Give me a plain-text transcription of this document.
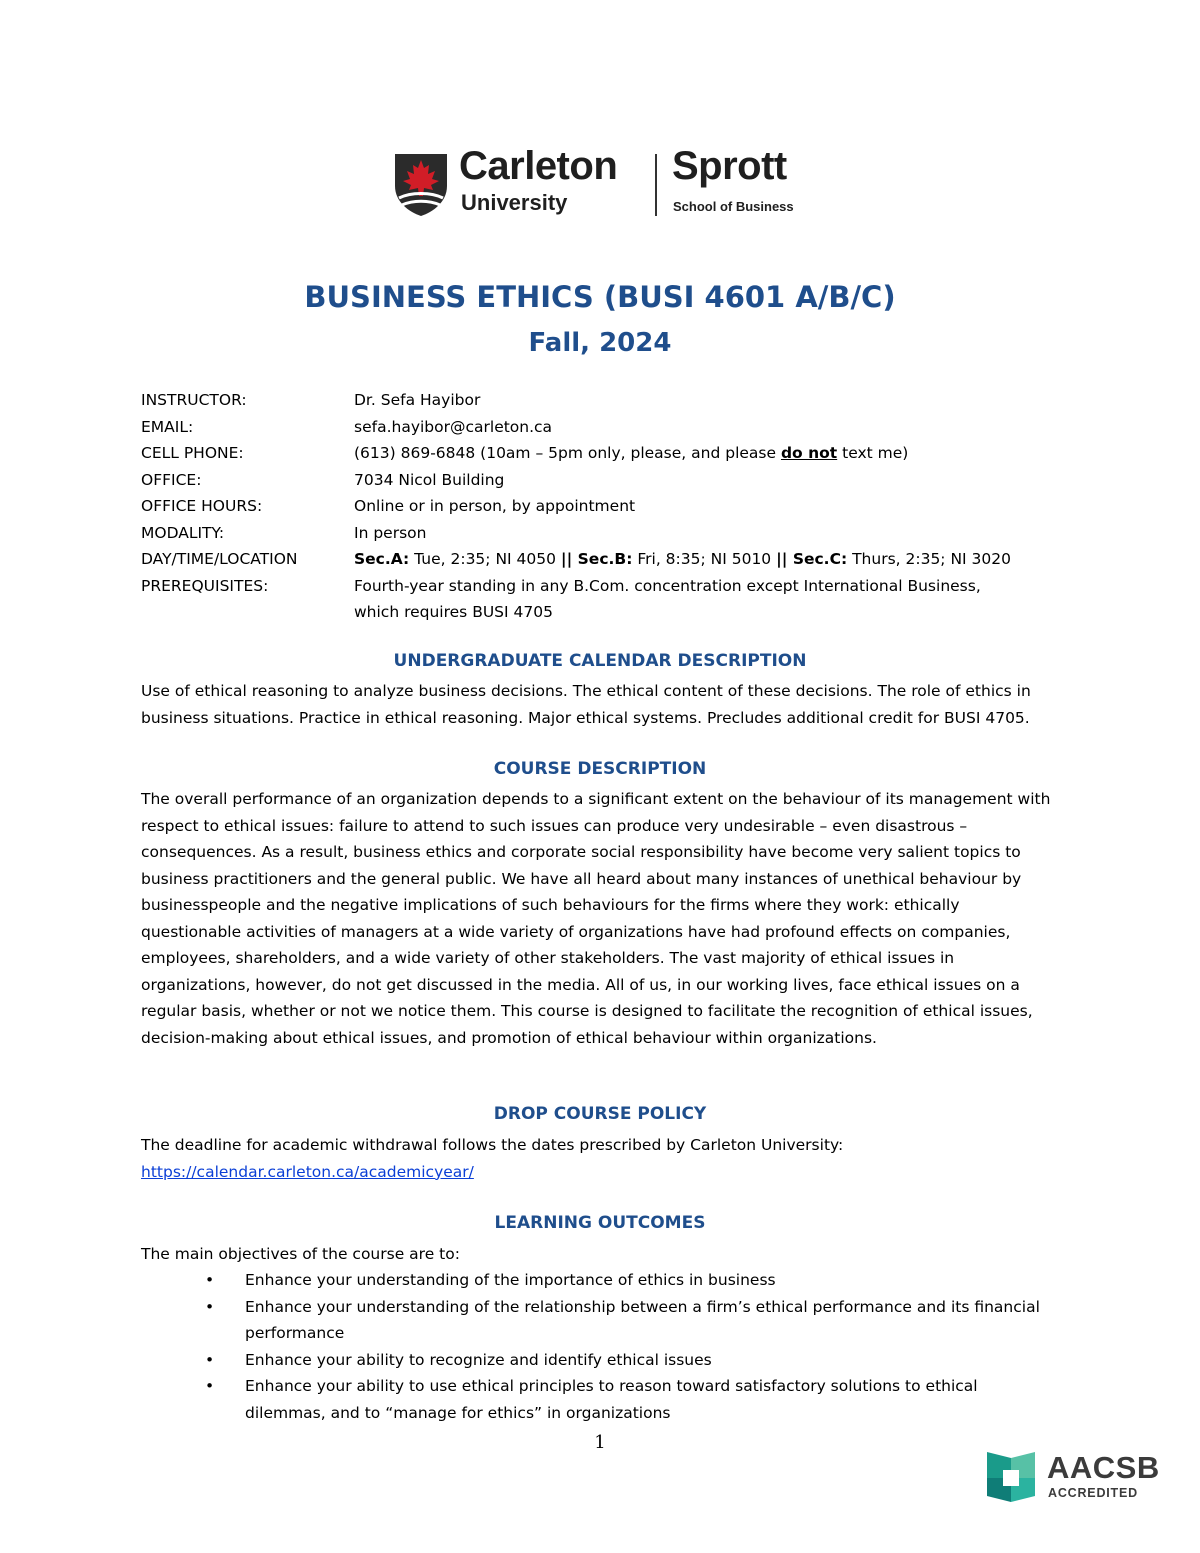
Carleton
University
Sprott
School of Business
BUSINESS ETHICS (BUSI 4601 A/B/C)
Fall, 2024
INSTRUCTOR:	Dr. Sefa Hayibor
EMAIL:	sefa.hayibor@carleton.ca
CELL PHONE:	(613) 869-6848 (10am – 5pm only, please, and please do not text me)
OFFICE:	7034 Nicol Building
OFFICE HOURS:	Online or in person, by appointment
MODALITY:	In person
DAY/TIME/LOCATION	Sec.A: Tue, 2:35; NI 4050 || Sec.B: Fri, 8:35; NI 5010 || Sec.C: Thurs, 2:35; NI 3020
PREREQUISITES:	Fourth-year standing in any B.Com. concentration except International Business,
which requires BUSI 4705
UNDERGRADUATE CALENDAR DESCRIPTION
Use of ethical reasoning to analyze business decisions. The ethical content of these decisions. The role of ethics in business situations. Practice in ethical reasoning. Major ethical systems. Precludes additional credit for BUSI 4705.
COURSE DESCRIPTION
The overall performance of an organization depends to a significant extent on the behaviour of its management with respect to ethical issues: failure to attend to such issues can produce very undesirable – even disastrous – consequences. As a result, business ethics and corporate social responsibility have become very salient topics to business practitioners and the general public. We have all heard about many instances of unethical behaviour by businesspeople and the negative implications of such behaviours for the firms where they work: ethically questionable activities of managers at a wide variety of organizations have had profound effects on companies, employees, shareholders, and a wide variety of other stakeholders. The vast majority of ethical issues in organizations, however, do not get discussed in the media. All of us, in our working lives, face ethical issues on a regular basis, whether or not we notice them. This course is designed to facilitate the recognition of ethical issues, decision-making about ethical issues, and promotion of ethical behaviour within organizations.
DROP COURSE POLICY
The deadline for academic withdrawal follows the dates prescribed by Carleton University:
https://calendar.carleton.ca/academicyear/
LEARNING OUTCOMES
The main objectives of the course are to:
• Enhance your understanding of the importance of ethics in business
• Enhance your understanding of the relationship between a firm’s ethical performance and its financial performance
• Enhance your ability to recognize and identify ethical issues
• Enhance your ability to use ethical principles to reason toward satisfactory solutions to ethical dilemmas, and to “manage for ethics” in organizations
1
AACSB
ACCREDITED
